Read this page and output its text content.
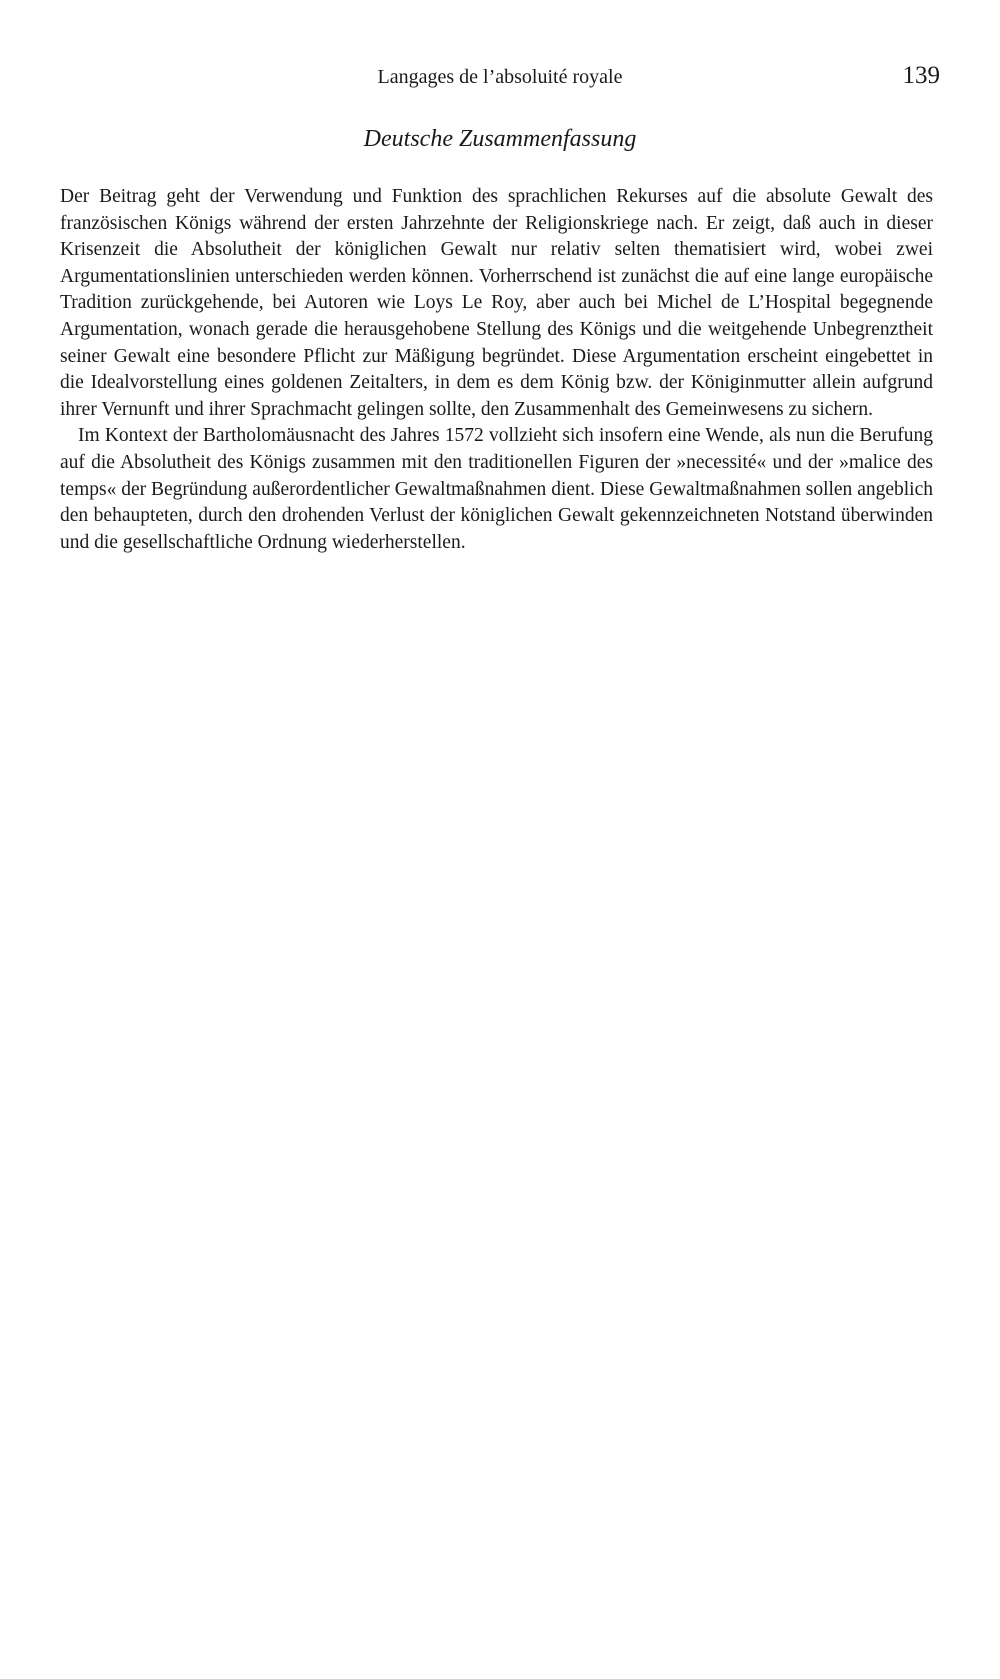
Langages de l’absoluité royale	139
Deutsche Zusammenfassung

Der Beitrag geht der Verwendung und Funktion des sprachlichen Rekurses auf die absolute Gewalt des französischen Königs während der ersten Jahrzehnte der Religionskriege nach. Er zeigt, daß auch in dieser Krisenzeit die Absolutheit der königlichen Gewalt nur relativ selten thematisiert wird, wobei zwei Argumentationslinien unterschieden werden können. Vorherrschend ist zunächst die auf eine lange europäische Tradition zurückgehende, bei Autoren wie Loys Le Roy, aber auch bei Michel de L’Hospital begegnende Argumentation, wonach gerade die herausgehobene Stellung des Königs und die weitgehende Unbegrenztheit seiner Gewalt eine besondere Pflicht zur Mäßigung begründet. Diese Argumentation erscheint eingebettet in die Idealvorstellung eines goldenen Zeitalters, in dem es dem König bzw. der Königinmutter allein aufgrund ihrer Vernunft und ihrer Sprachmacht gelingen sollte, den Zusammenhalt des Gemeinwesens zu sichern.

Im Kontext der Bartholomäusnacht des Jahres 1572 vollzieht sich insofern eine Wende, als nun die Berufung auf die Absolutheit des Königs zusammen mit den traditionellen Figuren der »necessité« und der »malice des temps« der Begründung außerordentlicher Gewaltmaßnahmen dient. Diese Gewaltmaßnahmen sollen angeblich den behaupteten, durch den drohenden Verlust der königlichen Gewalt gekennzeichneten Notstand überwinden und die gesellschaftliche Ordnung wiederherstellen.
